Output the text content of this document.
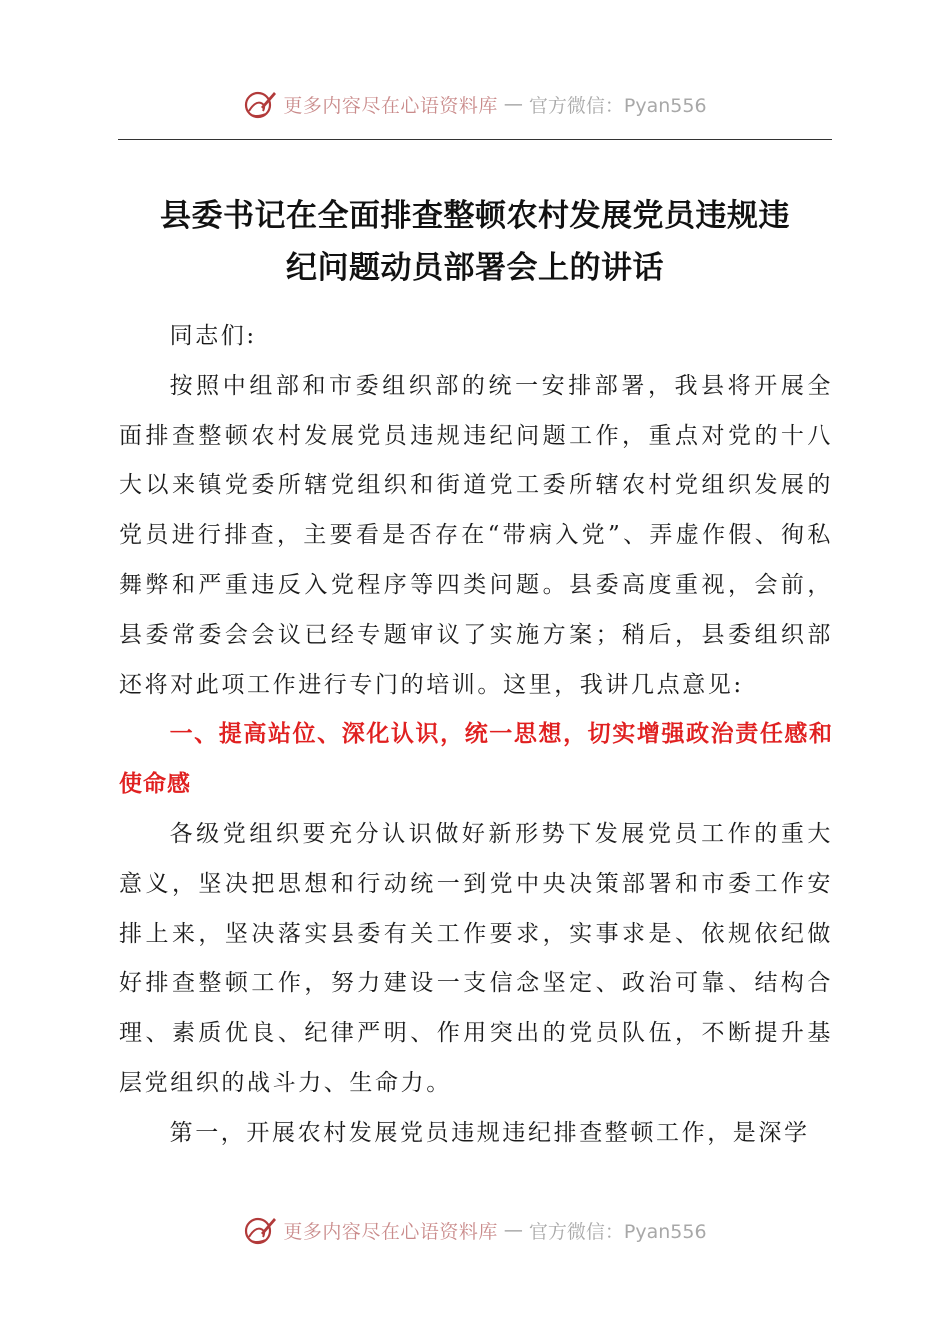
更多内容尽在心语资料库 — 官方微信：Pyan556
县委书记在全面排查整顿农村发展党员违规违
纪问题动员部署会上的讲话

同志们:

按照中组部和市委组织部的统一安排部署，我县将开展全面排查整顿农村发展党员违规违纪问题工作，重点对党的十八大以来镇党委所辖党组织和街道党工委所辖农村党组织发展的党员进行排查，主要看是否存在“带病入党”、弄虚作假、徇私舞弊和严重违反入党程序等四类问题。县委高度重视，会前，县委常委会会议已经专题审议了实施方案；稍后，县委组织部还将对此项工作进行专门的培训。这里，我讲几点意见:

一、提高站位、深化认识，统一思想，切实增强政治责任感和使命感

各级党组织要充分认识做好新形势下发展党员工作的重大意义，坚决把思想和行动统一到党中央决策部署和市委工作安排上来，坚决落实县委有关工作要求，实事求是、依规依纪做好排查整顿工作，努力建设一支信念坚定、政治可靠、结构合理、素质优良、纪律严明、作用突出的党员队伍，不断提升基层党组织的战斗力、生命力。

第一，开展农村发展党员违规违纪排查整顿工作，是深学

更多内容尽在心语资料库 — 官方微信：Pyan556
